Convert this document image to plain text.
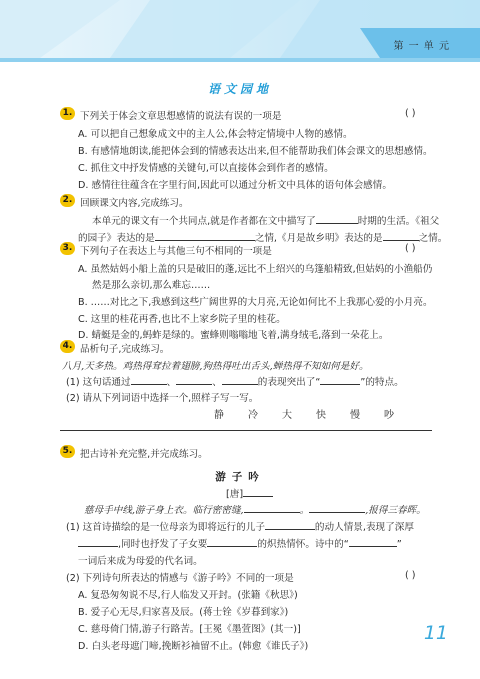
第 一 单 元
语文园地
1. 下列关于体会文章思想感情的说法有误的一项是	( )
A. 可以把自己想象成文中的主人公,体会特定情境中人物的感情。
B. 有感情地朗读,能把体会到的情感表达出来,但不能帮助我们体会课文的思想感情。
C. 抓住文中抒发情感的关键句,可以直接体会到作者的感情。
D. 感情往往蕴含在字里行间,因此可以通过分析文中具体的语句体会感情。
2. 回顾课文内容,完成练习。
本单元的课文有一个共同点,就是作者都在文中描写了	时期的生活。《祖父
的园子》表达的是	之情,《月是故乡明》表达的是	之情。
3. 下列句子在表达上与其他三句不相同的一项是	( )
A. 虽然姑妈小船上盖的只是破旧的蓬,远比不上绍兴的乌篷船精致,但姑妈的小渔船仍
然是那么亲切,那么难忘……
B. ……对比之下,我感到这些广阔世界的大月亮,无论如何比不上我那心爱的小月亮。
C. 这里的桂花再香,也比不上家乡院子里的桂花。
D. 蜻蜓是金的,蚂蚱是绿的。蜜蜂则嗡嗡地飞着,满身绒毛,落到一朵花上。
4. 品析句子,完成练习。
八月,天多热。鸡热得耷拉着翅膀,狗热得吐出舌头,蝉热得不知如何是好。
(1) 这句话通过	、	、	的表现突出了“	”的特点。
(2) 请从下列词语中选择一个,照样子写一写。
静 冷 大 快 慢 吵
5. 把古诗补充完整,并完成练习。
游子吟
[唐]
慈母手中线,游子身上衣。临行密密缝,	。	,报得三春晖。
(1) 这首诗描绘的是一位母亲为即将远行的儿子	的动人情景,表现了深厚
,同时也抒发了子女要	的炽热情怀。诗中的“	”
一词后来成为母爱的代名词。
(2) 下列诗句所表达的情感与《游子吟》不同的一项是	( )
A. 复恐匆匆说不尽,行人临发又开封。(张籍《秋思》)
B. 爱子心无尽,归家喜及辰。(蒋士铨《岁暮到家》)
C. 慈母倚门情,游子行路苦。[王冕《墨萱图》(其一)]
D. 白头老母遮门啼,挽断衫袖留不止。(韩愈《谁氏子》)
11
